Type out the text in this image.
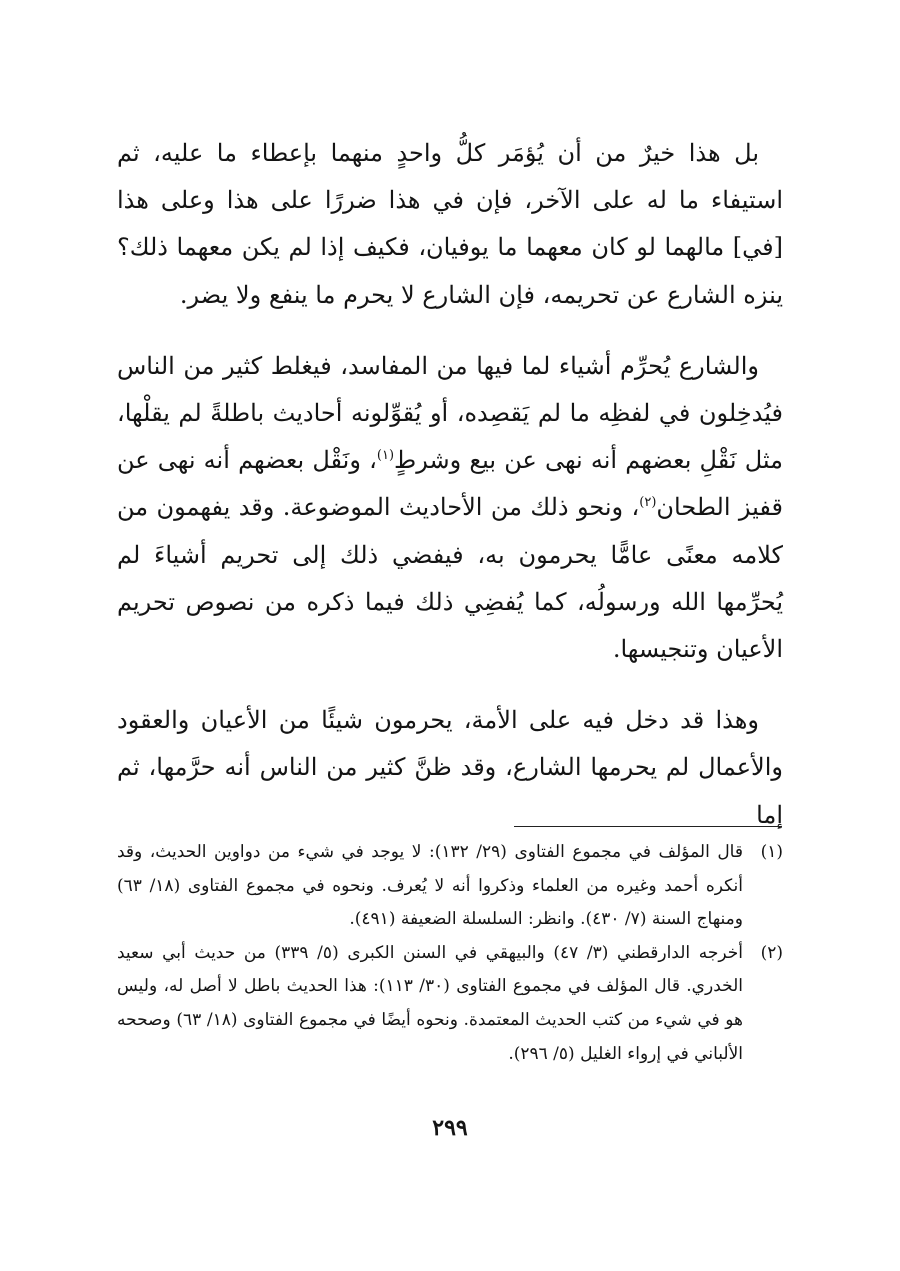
بل هذا خيرٌ من أن يُؤمَر كلُّ واحدٍ منهما بإعطاء ما عليه، ثم استيفاء ما له على الآخر، فإن في هذا ضررًا على هذا وعلى هذا [في] مالهما لو كان معهما ما يوفيان، فكيف إذا لم يكن معهما ذلك؟ ينزه الشارع عن تحريمه، فإن الشارع لا يحرم ما ينفع ولا يضر.

والشارع يُحرِّم أشياء لما فيها من المفاسد، فيغلط كثير من الناس فيُدخِلون في لفظِه ما لم يَقصِده، أو يُقوِّلونه أحاديث باطلةً لم يقلْها، مثل نَقْلِ بعضهم أنه نهى عن بيع وشرطٍ$^{(١)}$، ونَقْل بعضهم أنه نهى عن قفيز الطحان$^{(٢)}$، ونحو ذلك من الأحاديث الموضوعة. وقد يفهمون من كلامه معنًى عامًّا يحرمون به، فيفضي ذلك إلى تحريم أشياءَ لم يُحرِّمها الله ورسولُه، كما يُفضِي ذلك فيما ذكره من نصوص تحريم الأعيان وتنجيسها.

وهذا قد دخل فيه على الأمة، يحرمون شيئًا من الأعيان والعقود والأعمال لم يحرمها الشارع، وقد ظنَّ كثير من الناس أنه حرَّمها، ثم إما

(١)
قال المؤلف في مجموع الفتاوى (٢٩/ ١٣٢): لا يوجد في شيء من دواوين الحديث، وقد أنكره أحمد وغيره من العلماء وذكروا أنه لا يُعرف. ونحوه في مجموع الفتاوى (١٨/ ٦٣) ومنهاج السنة (٧/ ٤٣٠). وانظر: السلسلة الضعيفة (٤٩١).
(٢)
أخرجه الدارقطني (٣/ ٤٧) والبيهقي في السنن الكبرى (٥/ ٣٣٩) من حديث أبي سعيد الخدري. قال المؤلف في مجموع الفتاوى (٣٠/ ١١٣): هذا الحديث باطل لا أصل له، وليس هو في شيء من كتب الحديث المعتمدة. ونحوه أيضًا في مجموع الفتاوى (١٨/ ٦٣) وصححه الألباني في إرواء الغليل (٥/ ٢٩٦).
٢٩٩
